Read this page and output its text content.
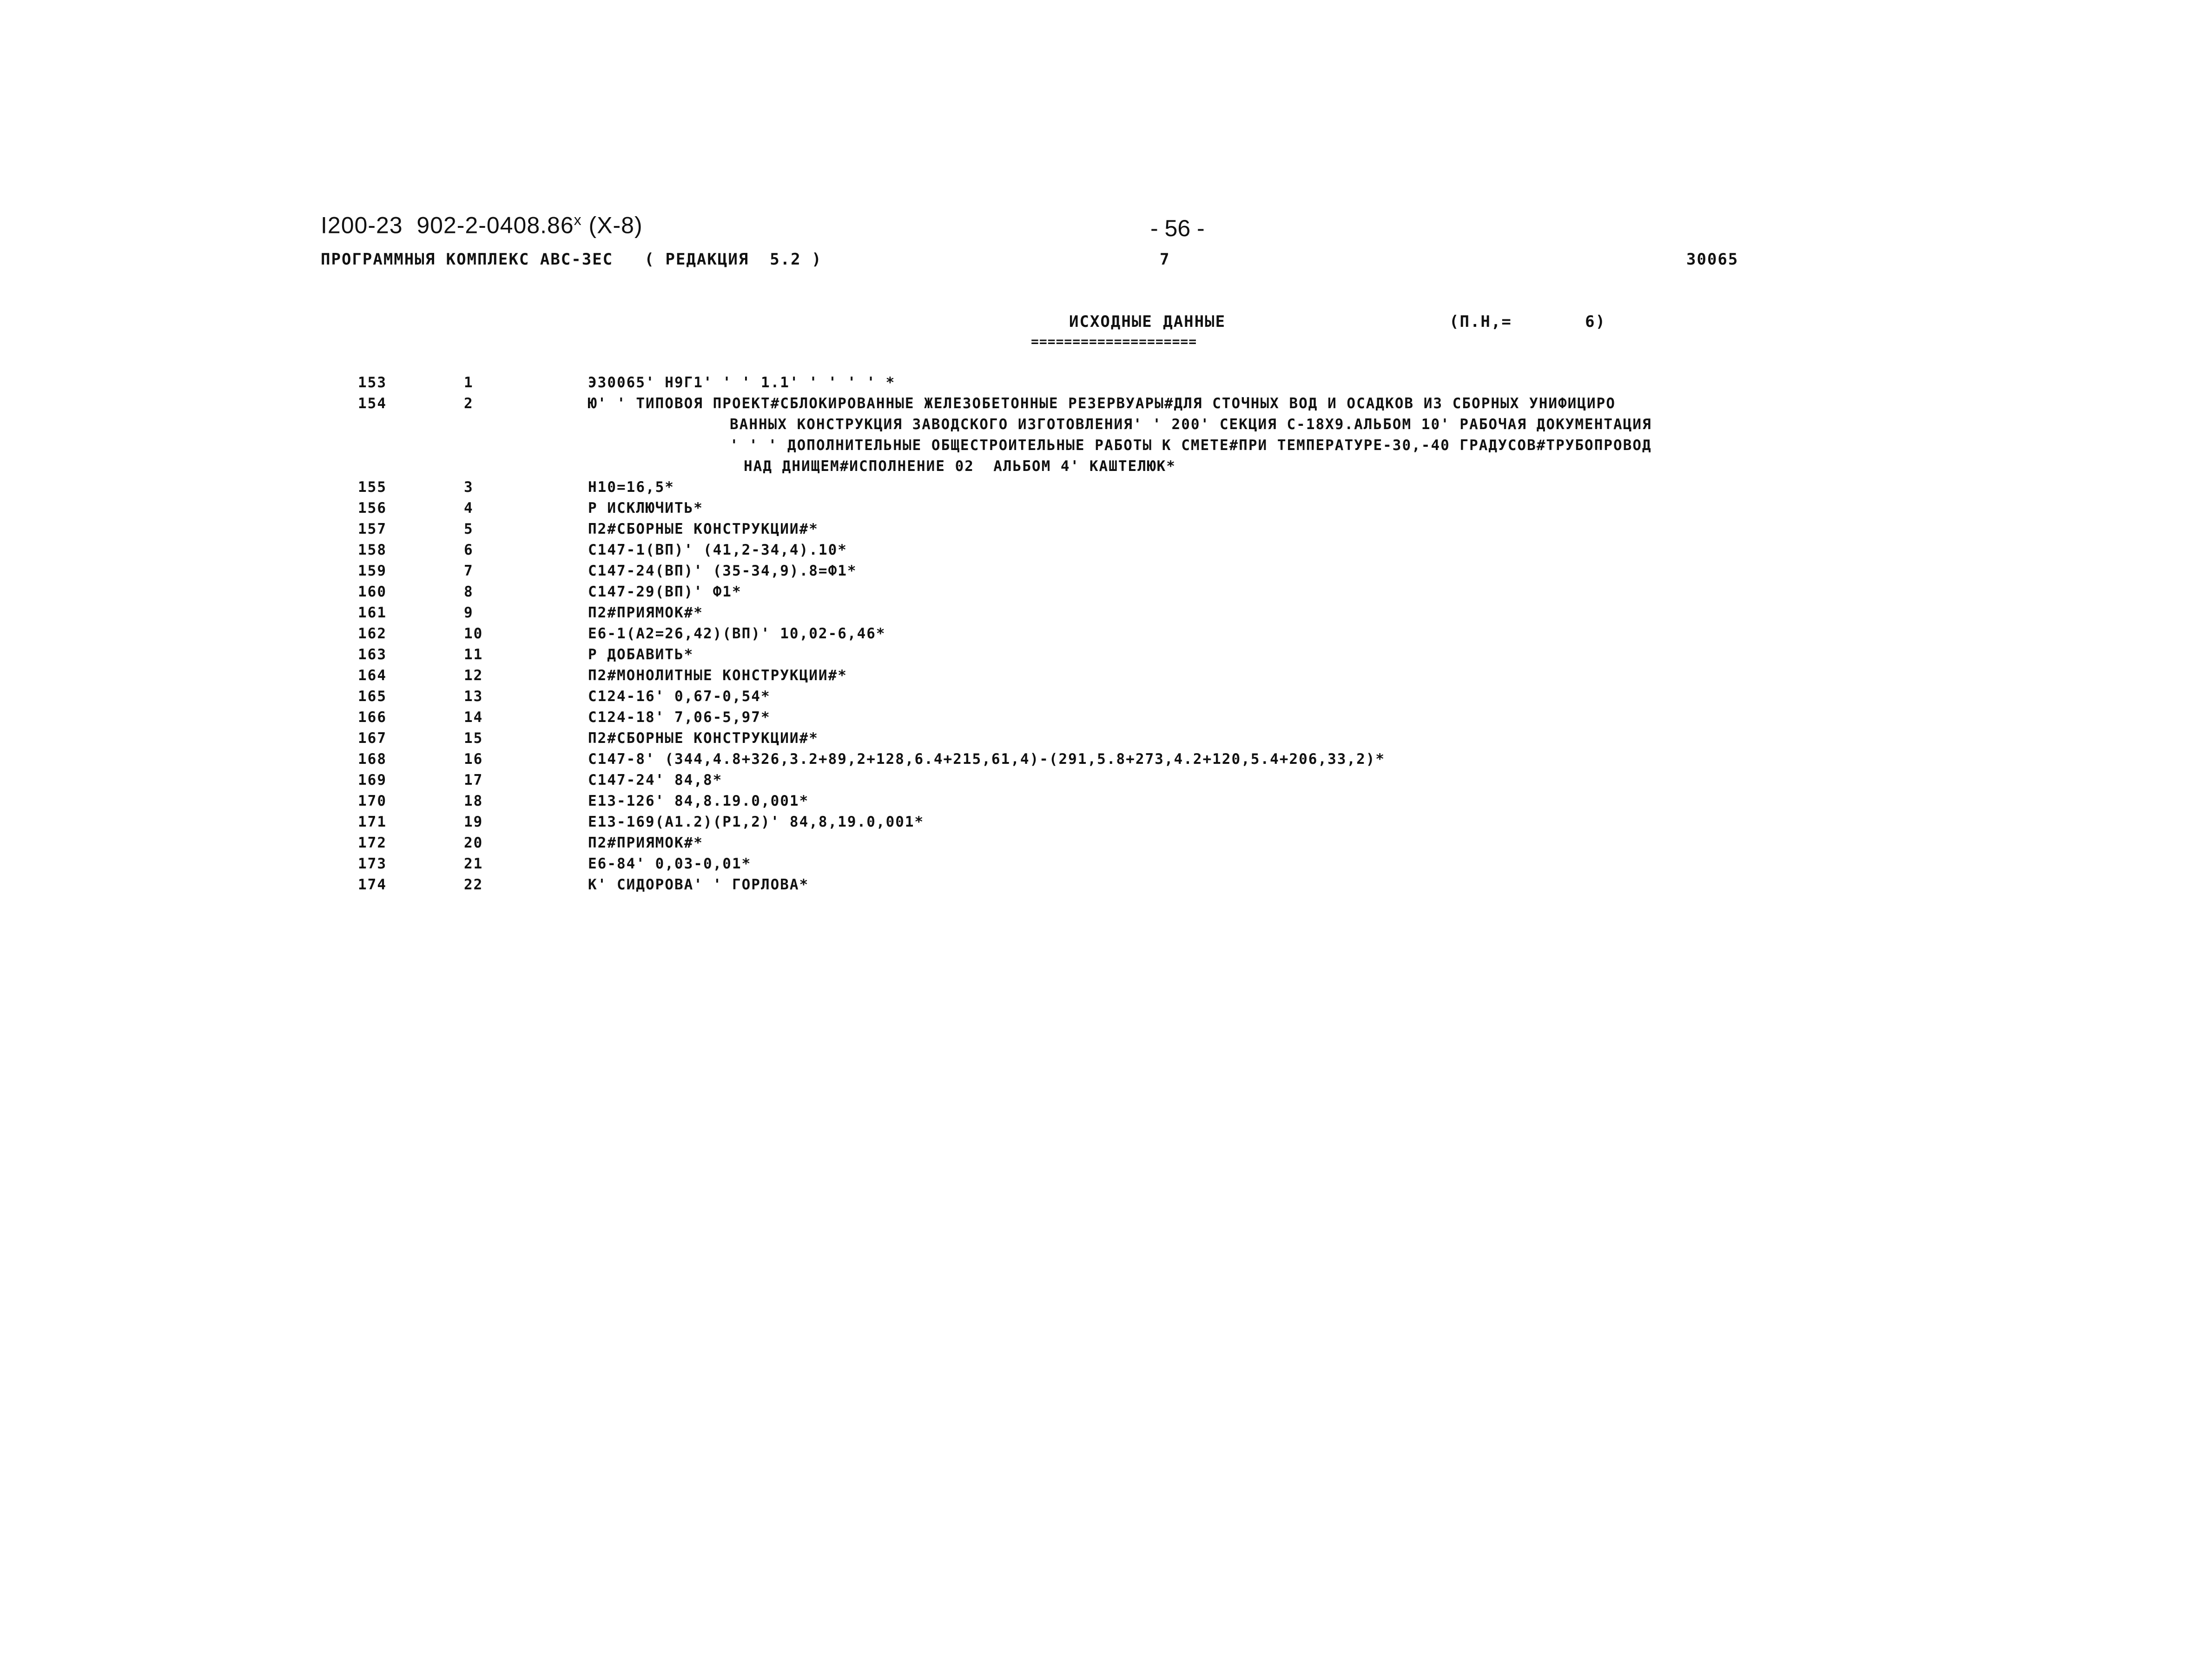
I200-23  $902-2-0408.86^х$ (Х-8)	- 56 -
ПРОГРАММНЫЯ КОМПЛЕКС АВС-3ЕС   ( РЕДАКЦИЯ  5.2 )	7	30065
ИСХОДНЫЕ ДАННЫЕ	(П.Н,=       6)
====================
153	1	Э30065' Н9Г1' ' ' 1.1' ' ' ' ' *
154	2	Ю' ' ТИПОВОЯ ПРОЕКТ#СБЛОКИРОВАННЫЕ ЖЕЛЕЗОБЕТОННЫЕ РЕЗЕРВУАРЫ#ДЛЯ СТОЧНЫХ ВОД И ОСАДКОВ ИЗ СБОРНЫХ УНИФИЦИРО
ВАННЫХ КОНСТРУКЦИЯ ЗАВОДСКОГО ИЗГОТОВЛЕНИЯ' ' 200' СЕКЦИЯ С-18Х9.АЛЬБОМ 10' РАБОЧАЯ ДОКУМЕНТАЦИЯ
' ' ' ДОПОЛНИТЕЛЬНЫЕ ОБЩЕСТРОИТЕЛЬНЫЕ РАБОТЫ К СМЕТЕ#ПРИ ТЕМПЕРАТУРЕ-30,-40 ГРАДУСОВ#ТРУБОПРОВОД
НАД ДНИЩЕМ#ИСПОЛНЕНИЕ 02  АЛЬБОМ 4' КАШТЕЛЮК*
155	3	Н10=16,5*
156	4	Р ИСКЛЮЧИТЬ*
157	5	П2#СБОРНЫЕ КОНСТРУКЦИИ#*
158	6	С147-1(ВП)' (41,2-34,4).10*
159	7	С147-24(ВП)' (35-34,9).8=Ф1*
160	8	С147-29(ВП)' Ф1*
161	9	П2#ПРИЯМОК#*
162	10	Е6-1(А2=26,42)(ВП)' 10,02-6,46*
163	11	Р ДОБАВИТЬ*
164	12	П2#МОНОЛИТНЫЕ КОНСТРУКЦИИ#*
165	13	С124-16' 0,67-0,54*
166	14	С124-18' 7,06-5,97*
167	15	П2#СБОРНЫЕ КОНСТРУКЦИИ#*
168	16	С147-8' (344,4.8+326,3.2+89,2+128,6.4+215,61,4)-(291,5.8+273,4.2+120,5.4+206,33,2)*
169	17	С147-24' 84,8*
170	18	Е13-126' 84,8.19.0,001*
171	19	Е13-169(А1.2)(Р1,2)' 84,8,19.0,001*
172	20	П2#ПРИЯМОК#*
173	21	Е6-84' 0,03-0,01*
174	22	К' СИДОРОВА' ' ГОРЛОВА*
